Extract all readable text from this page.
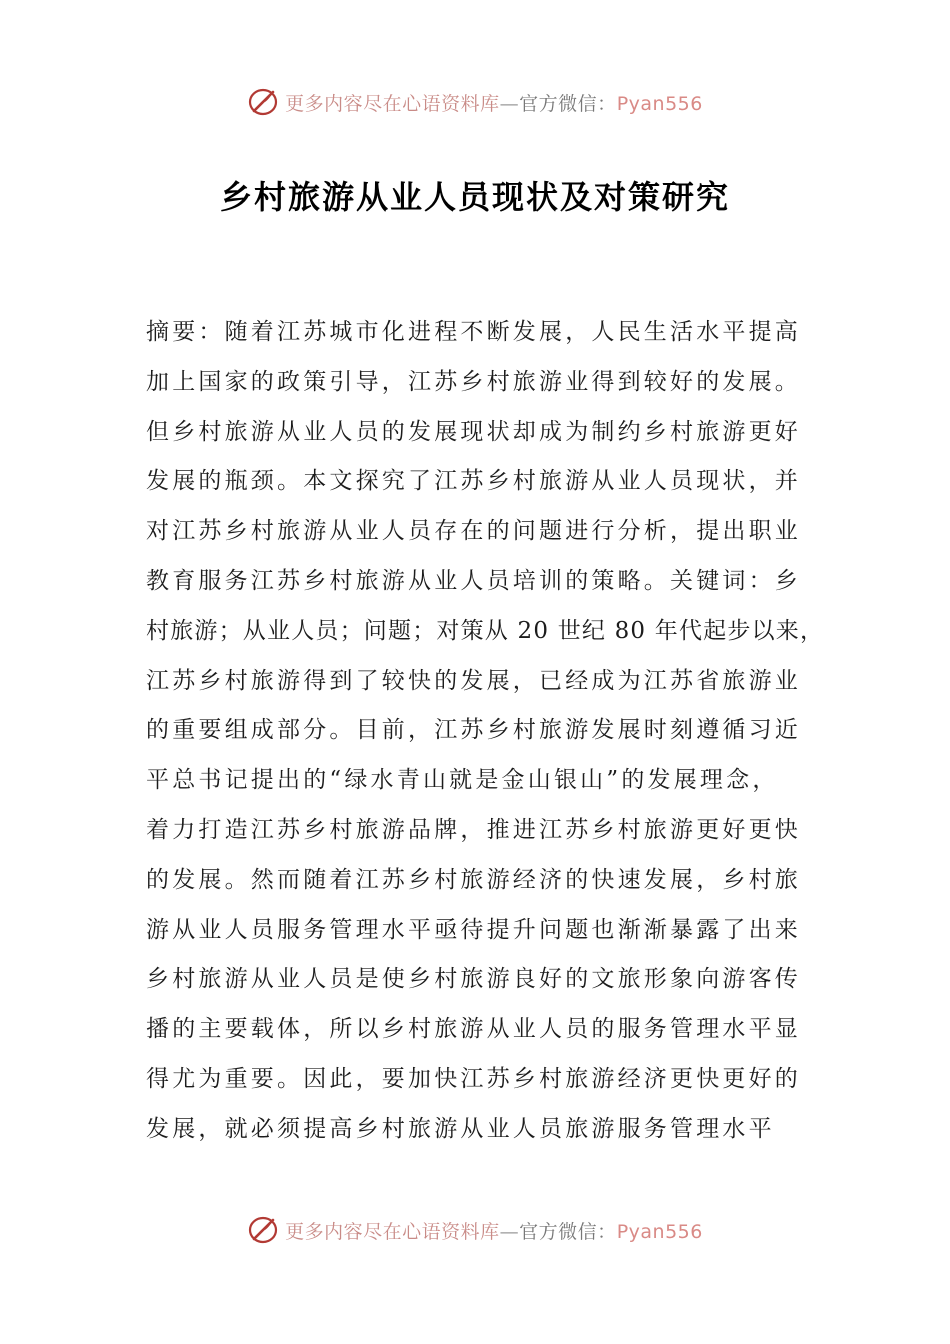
更多内容尽在心语资料库—官方微信：Pyan556
乡村旅游从业人员现状及对策研究
摘要：随着江苏城市化进程不断发展，人民生活水平提高
加上国家的政策引导，江苏乡村旅游业得到较好的发展。
但乡村旅游从业人员的发展现状却成为制约乡村旅游更好
发展的瓶颈。本文探究了江苏乡村旅游从业人员现状，并
对江苏乡村旅游从业人员存在的问题进行分析，提出职业
教育服务江苏乡村旅游从业人员培训的策略。关键词：乡
村旅游；从业人员；问题；对策从 20 世纪 80 年代起步以来，
江苏乡村旅游得到了较快的发展，已经成为江苏省旅游业
的重要组成部分。目前，江苏乡村旅游发展时刻遵循习近
平总书记提出的“绿水青山就是金山银山”的发展理念，
着力打造江苏乡村旅游品牌，推进江苏乡村旅游更好更快
的发展。然而随着江苏乡村旅游经济的快速发展，乡村旅
游从业人员服务管理水平亟待提升问题也渐渐暴露了出来
乡村旅游从业人员是使乡村旅游良好的文旅形象向游客传
播的主要载体，所以乡村旅游从业人员的服务管理水平显
得尤为重要。因此，要加快江苏乡村旅游经济更快更好的
发展，就必须提高乡村旅游从业人员旅游服务管理水平
更多内容尽在心语资料库—官方微信：Pyan556
